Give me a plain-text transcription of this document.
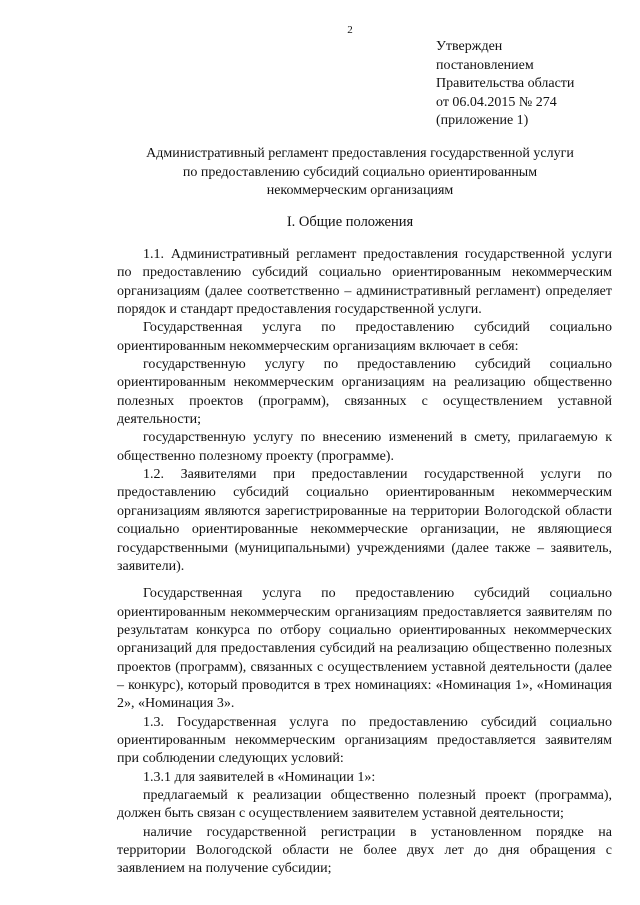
2
Утвержден
постановлением
Правительства области
от 06.04.2015 № 274
(приложение 1)
Административный регламент предоставления государственной услуги
по предоставлению субсидий социально ориентированным
некоммерческим организациям
I. Общие положения

1.1. Административный регламент предоставления государственной услуги по предоставлению субсидий социально ориентированным некоммерческим организациям (далее соответственно – административный регламент) определяет порядок и стандарт предоставления государственной услуги.

Государственная услуга по предоставлению субсидий социально ориентированным некоммерческим организациям включает в себя:

государственную услугу по предоставлению субсидий социально ориентированным некоммерческим организациям на реализацию общественно полезных проектов (программ), связанных с осуществлением уставной деятельности;

государственную услугу по внесению изменений в смету, прилагаемую к общественно полезному проекту (программе).

1.2. Заявителями при предоставлении государственной услуги по предоставлению субсидий социально ориентированным некоммерческим организациям являются зарегистрированные на территории Вологодской области социально ориентированные некоммерческие организации, не являющиеся государственными (муниципальными) учреждениями (далее также – заявитель, заявители).

Государственная услуга по предоставлению субсидий социально ориентированным некоммерческим организациям предоставляется заявителям по результатам конкурса по отбору социально ориентированных некоммерческих организаций для предоставления субсидий на реализацию общественно полезных проектов (программ), связанных с осуществлением уставной деятельности (далее – конкурс), который проводится в трех номинациях: «Номинация 1», «Номинация 2», «Номинация 3».

1.3. Государственная услуга по предоставлению субсидий социально ориентированным некоммерческим организациям предоставляется заявителям при соблюдении следующих условий:

1.3.1 для заявителей в «Номинации 1»:

предлагаемый к реализации общественно полезный проект (программа), должен быть связан с осуществлением заявителем уставной деятельности;

наличие государственной регистрации в установленном порядке на территории Вологодской области не более двух лет до дня обращения с заявлением на получение субсидии;
